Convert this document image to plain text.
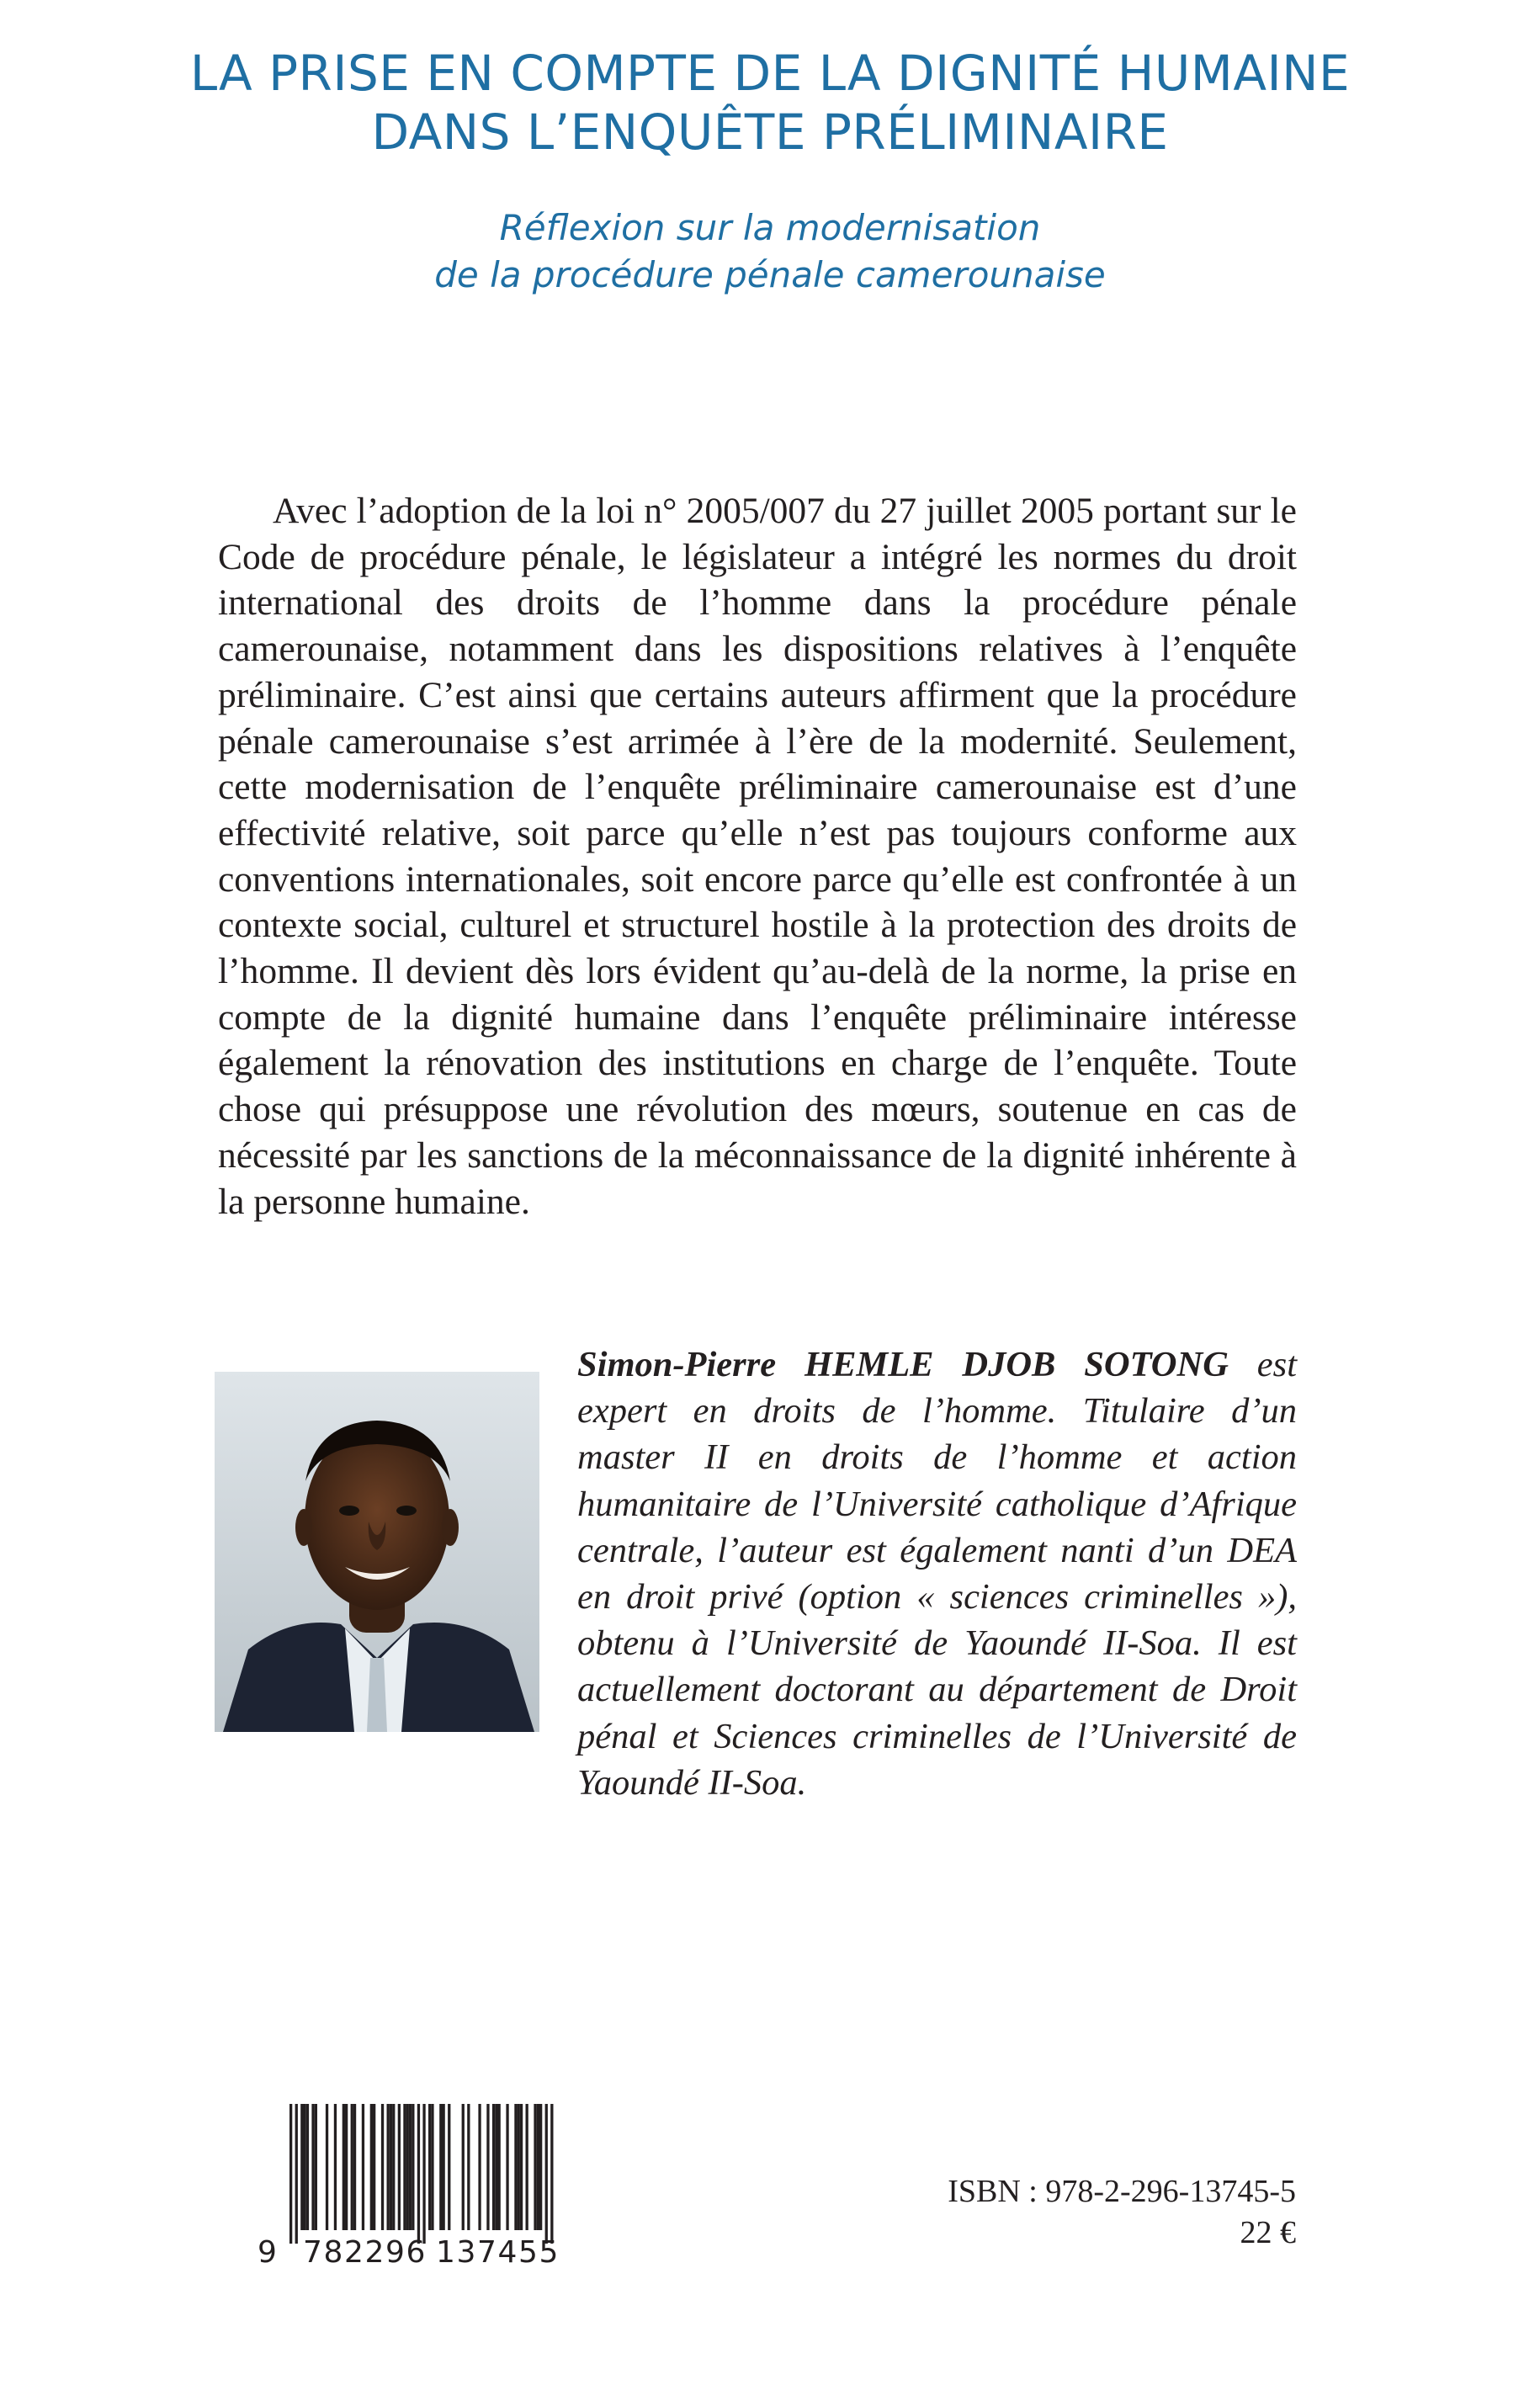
LA PRISE EN COMPTE DE LA DIGNITÉ HUMAINE
DANS L’ENQUÊTE PRÉLIMINAIRE
Réflexion sur la modernisation
de la procédure pénale camerounaise

Avec l’adoption de la loi n° 2005/007 du 27 juillet 2005 portant sur le Code de procédure pénale, le législateur a intégré les normes du droit international des droits de l’homme dans la procédure pénale camerounaise, notamment dans les dispositions relatives à l’enquête préliminaire. C’est ainsi que certains auteurs affirment que la procédure pénale camerounaise s’est arrimée à l’ère de la modernité. Seulement, cette modernisation de l’enquête préliminaire camerounaise est d’une effectivité relative, soit parce qu’elle n’est pas toujours conforme aux conventions internationales, soit encore parce qu’elle est confrontée à un contexte social, culturel et structurel hostile à la protection des droits de l’homme. Il devient dès lors évident qu’au-delà de la norme, la prise en compte de la dignité humaine dans l’enquête préliminaire intéresse également la rénovation des institutions en charge de l’enquête. Toute chose qui présuppose une révolution des mœurs, soutenue en cas de nécessité par les sanctions de la méconnaissance de la dignité inhérente à la personne humaine.

Simon-Pierre HEMLE DJOB SOTONG est expert en droits de l’homme. Titulaire d’un master II en droits de l’homme et action humanitaire de l’Université catholique d’Afrique centrale, l’auteur est également nanti d’un DEA en droit privé (option « sciences criminelles »), obtenu à l’Université de Yaoundé II-Soa. Il est actuellement doctorant au département de Droit pénal et Sciences criminelles de l’Université de Yaoundé II-Soa.

9 782296 137455
ISBN : 978-2-296-13745-5
22 €
